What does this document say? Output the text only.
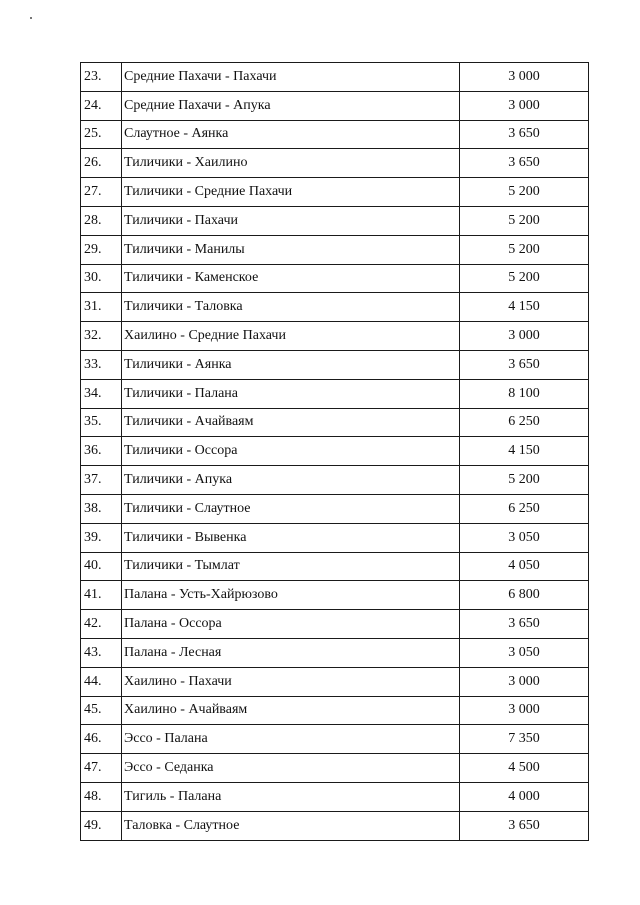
23.	Средние Пахачи - Пахачи	3 000
24.	Средние Пахачи - Апука	3 000
25.	Слаутное - Аянка	3 650
26.	Тиличики - Хаилино	3 650
27.	Тиличики - Средние Пахачи	5 200
28.	Тиличики - Пахачи	5 200
29.	Тиличики - Манилы	5 200
30.	Тиличики - Каменское	5 200
31.	Тиличики - Таловка	4 150
32.	Хаилино - Средние Пахачи	3 000
33.	Тиличики - Аянка	3 650
34.	Тиличики - Палана	8 100
35.	Тиличики - Ачайваям	6 250
36.	Тиличики - Оссора	4 150
37.	Тиличики - Апука	5 200
38.	Тиличики - Слаутное	6 250
39.	Тиличики - Вывенка	3 050
40.	Тиличики - Тымлат	4 050
41.	Палана - Усть-Хайрюзово	6 800
42.	Палана - Оссора	3 650
43.	Палана - Лесная	3 050
44.	Хаилино - Пахачи	3 000
45.	Хаилино - Ачайваям	3 000
46.	Эссо - Палана	7 350
47.	Эссо - Седанка	4 500
48.	Тигиль - Палана	4 000
49.	Таловка - Слаутное	3 650
